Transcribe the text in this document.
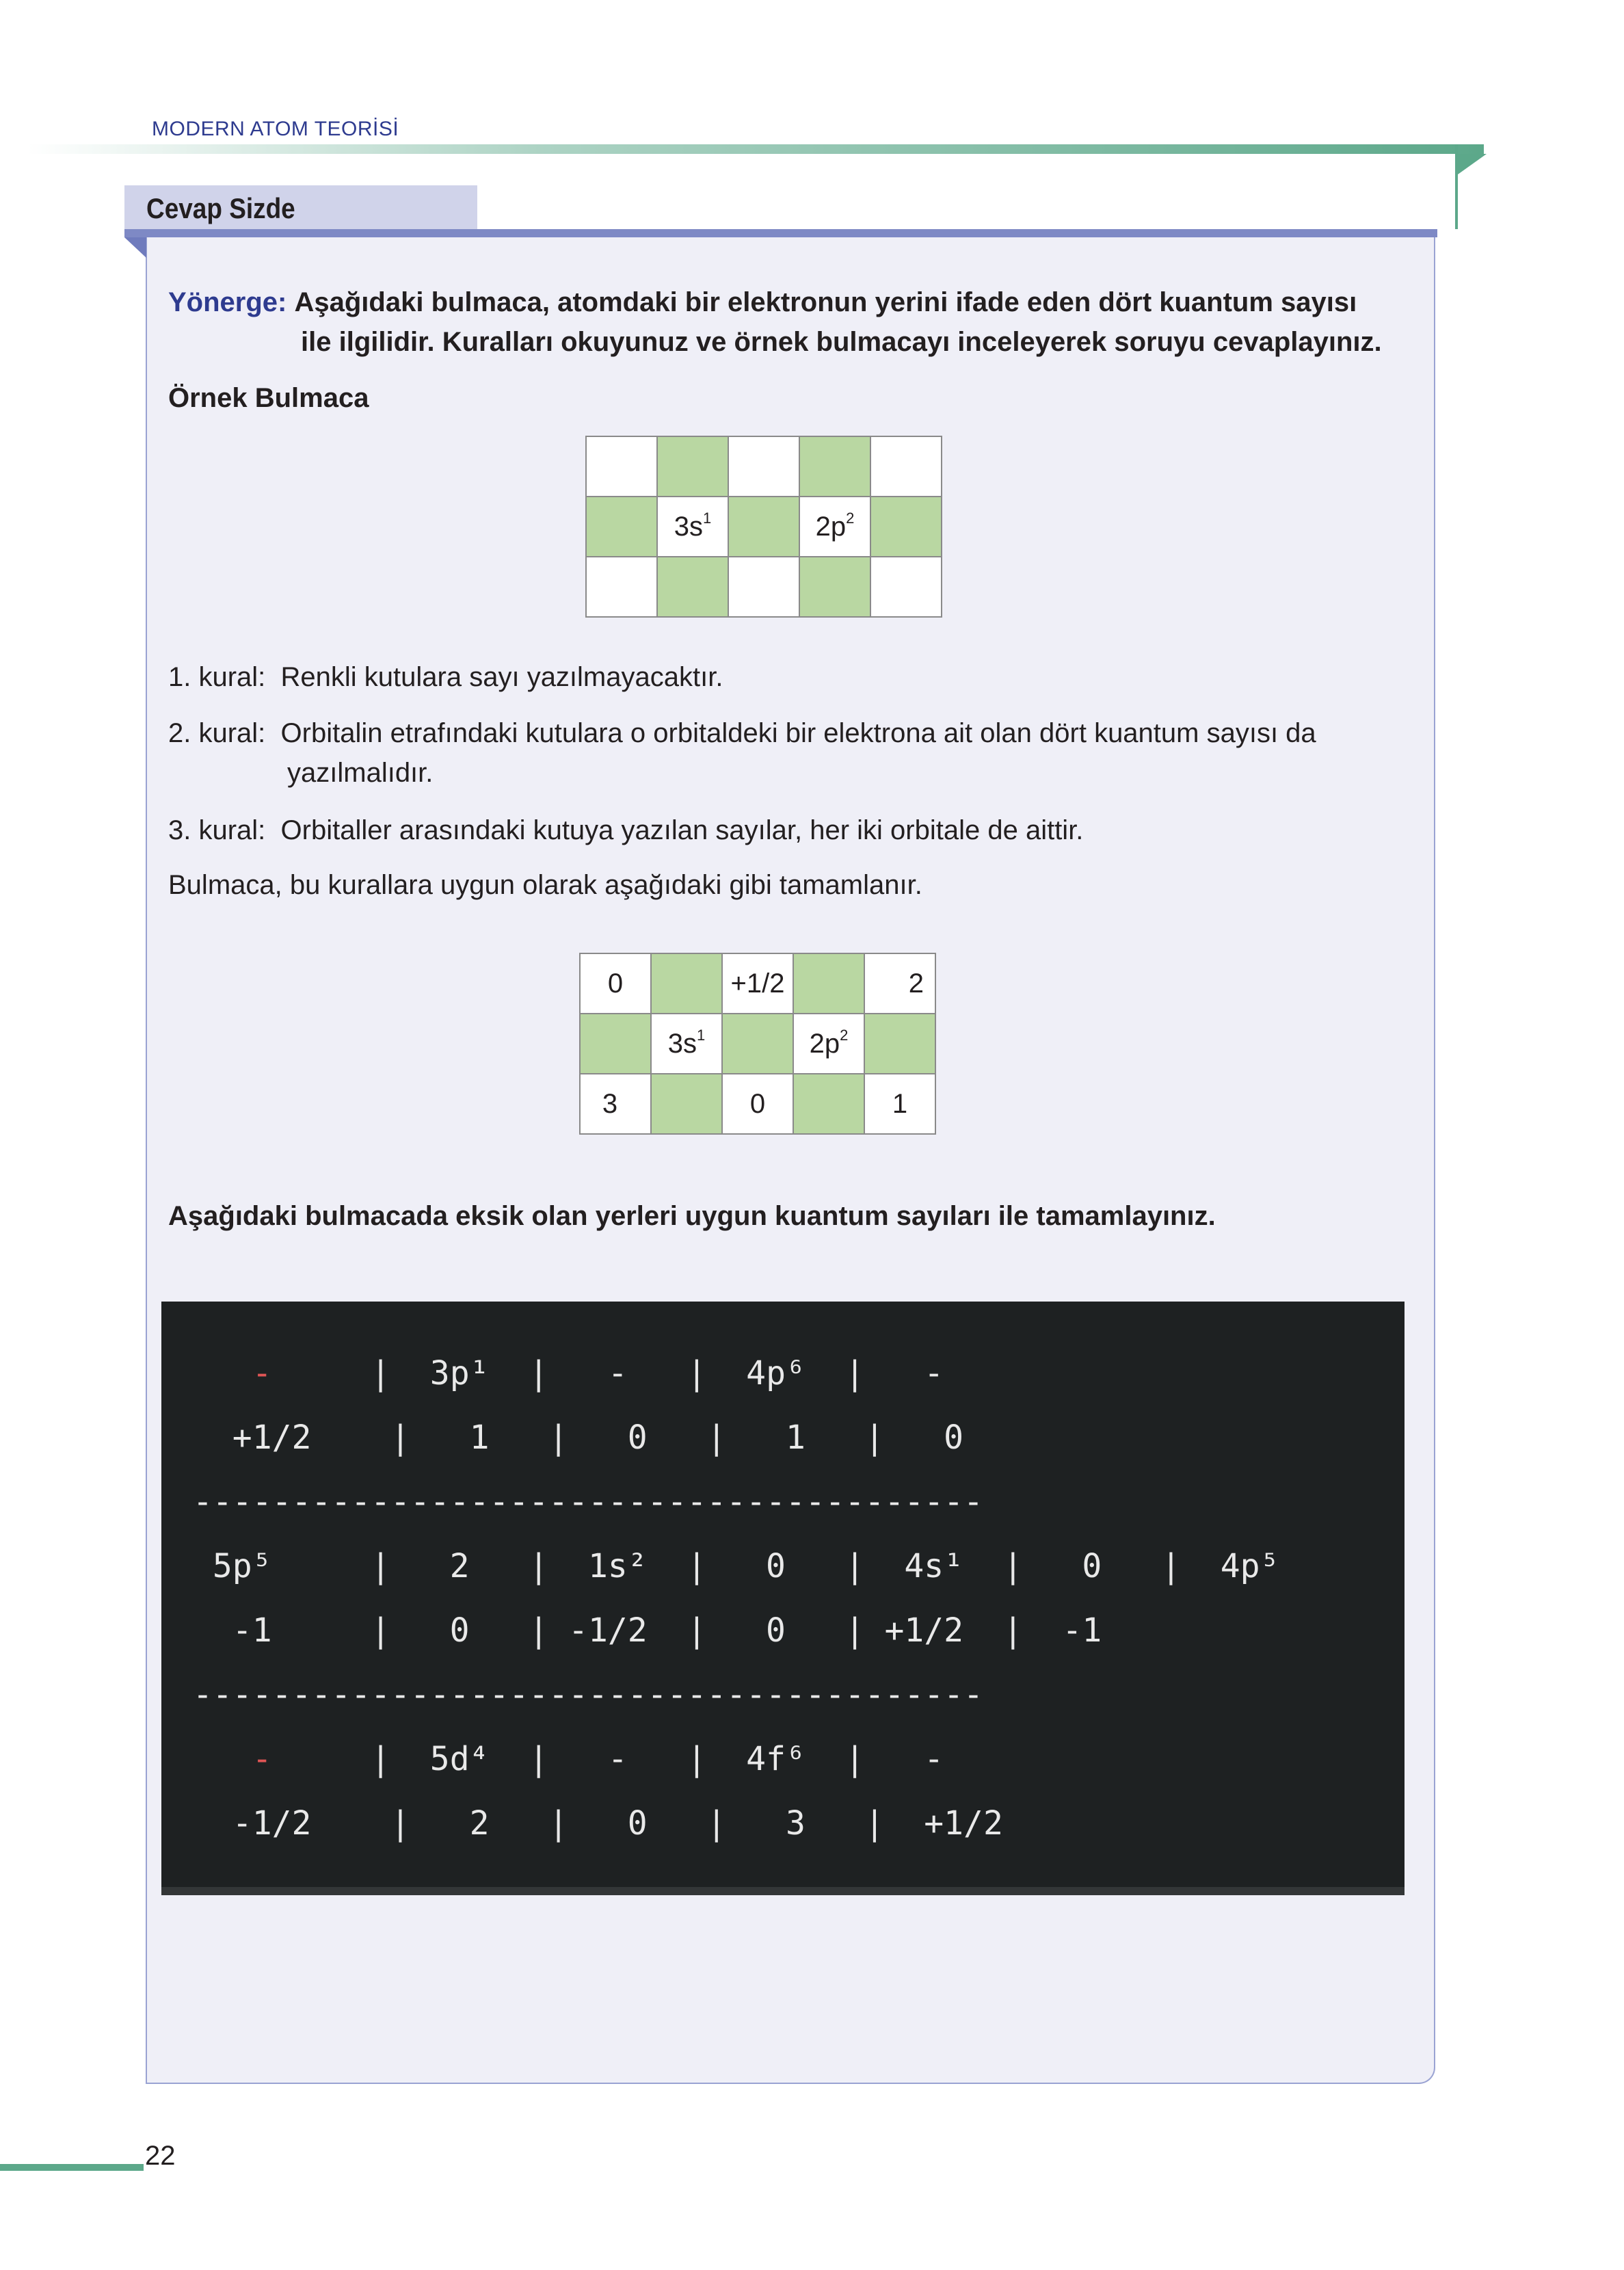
MODERN ATOM TEORİSİ
Cevap Sizde
Yönerge: Aşağıdaki bulmaca, atomdaki bir elektronun yerini ifade eden dört kuantum sayısı
ile ilgilidir. Kuralları okuyunuz ve örnek bulmacayı inceleyerek soruyu cevaplayınız.
Örnek Bulmaca

	$3s^1$		$2p^2$	

1. kural: Renkli kutulara sayı yazılmayacaktır.
2. kural: Orbitalin etrafındaki kutulara o orbitaldeki bir elektrona ait olan dört kuantum sayısı da
yazılmalıdır.
3. kural: Orbitaller arasındaki kutuya yazılan sayılar, her iki orbitale de aittir.
Bulmaca, bu kurallara uygun olarak aşağıdaki gibi tamamlanır.
0		+1/2		2
	$3s^1$		$2p^2$	
3		0		1
Aşağıdaki bulmacada eksik olan yerleri uygun kuantum sayıları ile tamamlayınız.
-     |  3p¹  |   -   |  4p⁶  |   -
+1/2    |   1   |   0   |   1   |   0
----------------------------------------
5p⁵     |   2   |  1s²  |   0   |  4s¹  |   0   |  4p⁵
-1     |   0   | -1/2  |   0   | +1/2  |  -1
----------------------------------------
-     |  5d⁴  |   -   |  4f⁶  |   -
-1/2    |   2   |   0   |   3   |  +1/2
22
